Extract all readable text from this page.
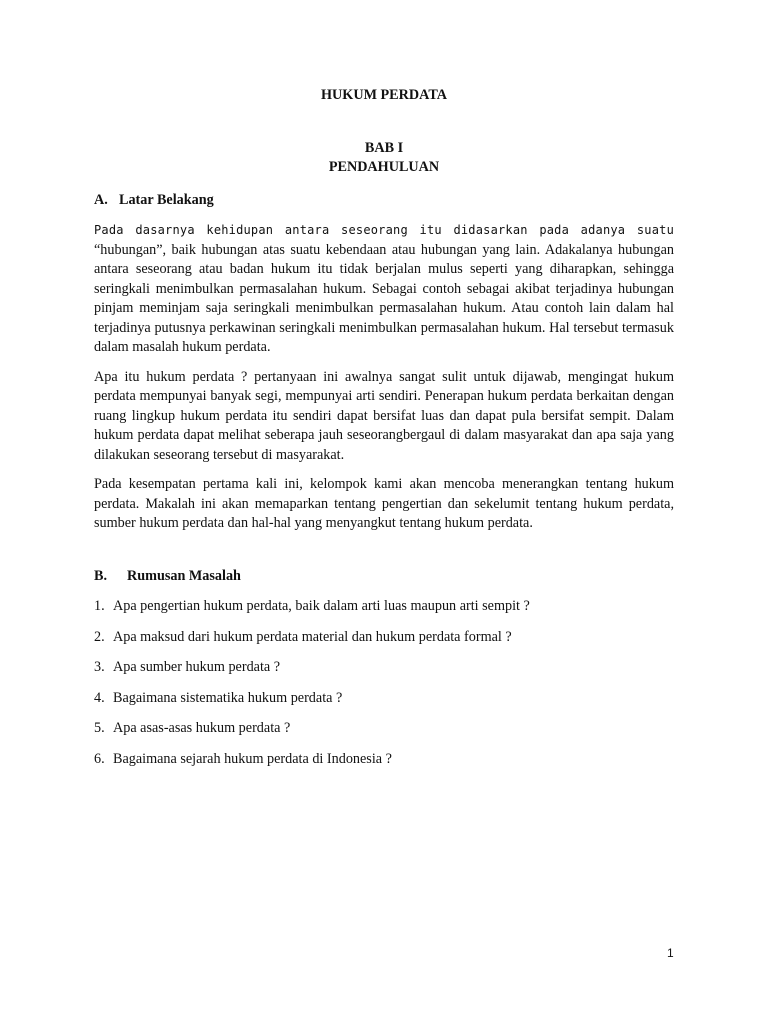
HUKUM PERDATA

BAB I
PENDAHULUAN
A. Latar Belakang

Pada dasarnya kehidupan antara seseorang itu didasarkan pada adanya suatu “hubungan”, baik hubungan atas suatu kebendaan atau hubungan yang lain. Adakalanya hubungan antara seseorang atau badan hukum itu tidak berjalan mulus seperti yang diharapkan, sehingga seringkali menimbulkan permasalahan hukum. Sebagai contoh sebagai akibat terjadinya hubungan pinjam meminjam saja seringkali menimbulkan permasalahan hukum. Atau contoh lain dalam hal terjadinya putusnya perkawinan seringkali menimbulkan permasalahan hukum. Hal tersebut termasuk dalam masalah hukum perdata.

Apa itu hukum perdata ? pertanyaan ini awalnya sangat sulit untuk dijawab, mengingat hukum perdata mempunyai banyak segi, mempunyai arti sendiri. Penerapan hukum perdata berkaitan dengan ruang lingkup hukum perdata itu sendiri dapat bersifat luas dan dapat pula bersifat sempit. Dalam hukum perdata dapat melihat seberapa jauh seseorangbergaul di dalam masyarakat dan apa saja yang dilakukan seseorang tersebut di masyarakat.

Pada kesempatan pertama kali ini, kelompok kami akan mencoba menerangkan tentang hukum perdata. Makalah ini akan memaparkan tentang pengertian dan sekelumit tentang hukum perdata, sumber hukum perdata dan hal-hal yang menyangkut tentang hukum perdata.

B.	Rumusan Masalah
1. Apa pengertian hukum perdata, baik dalam arti luas maupun arti sempit ?
2. Apa maksud dari hukum perdata material dan hukum perdata formal ?
3. Apa sumber hukum perdata ?
4. Bagaimana sistematika hukum perdata ?
5. Apa asas-asas hukum perdata ?
6. Bagaimana sejarah hukum perdata di Indonesia ?
1
